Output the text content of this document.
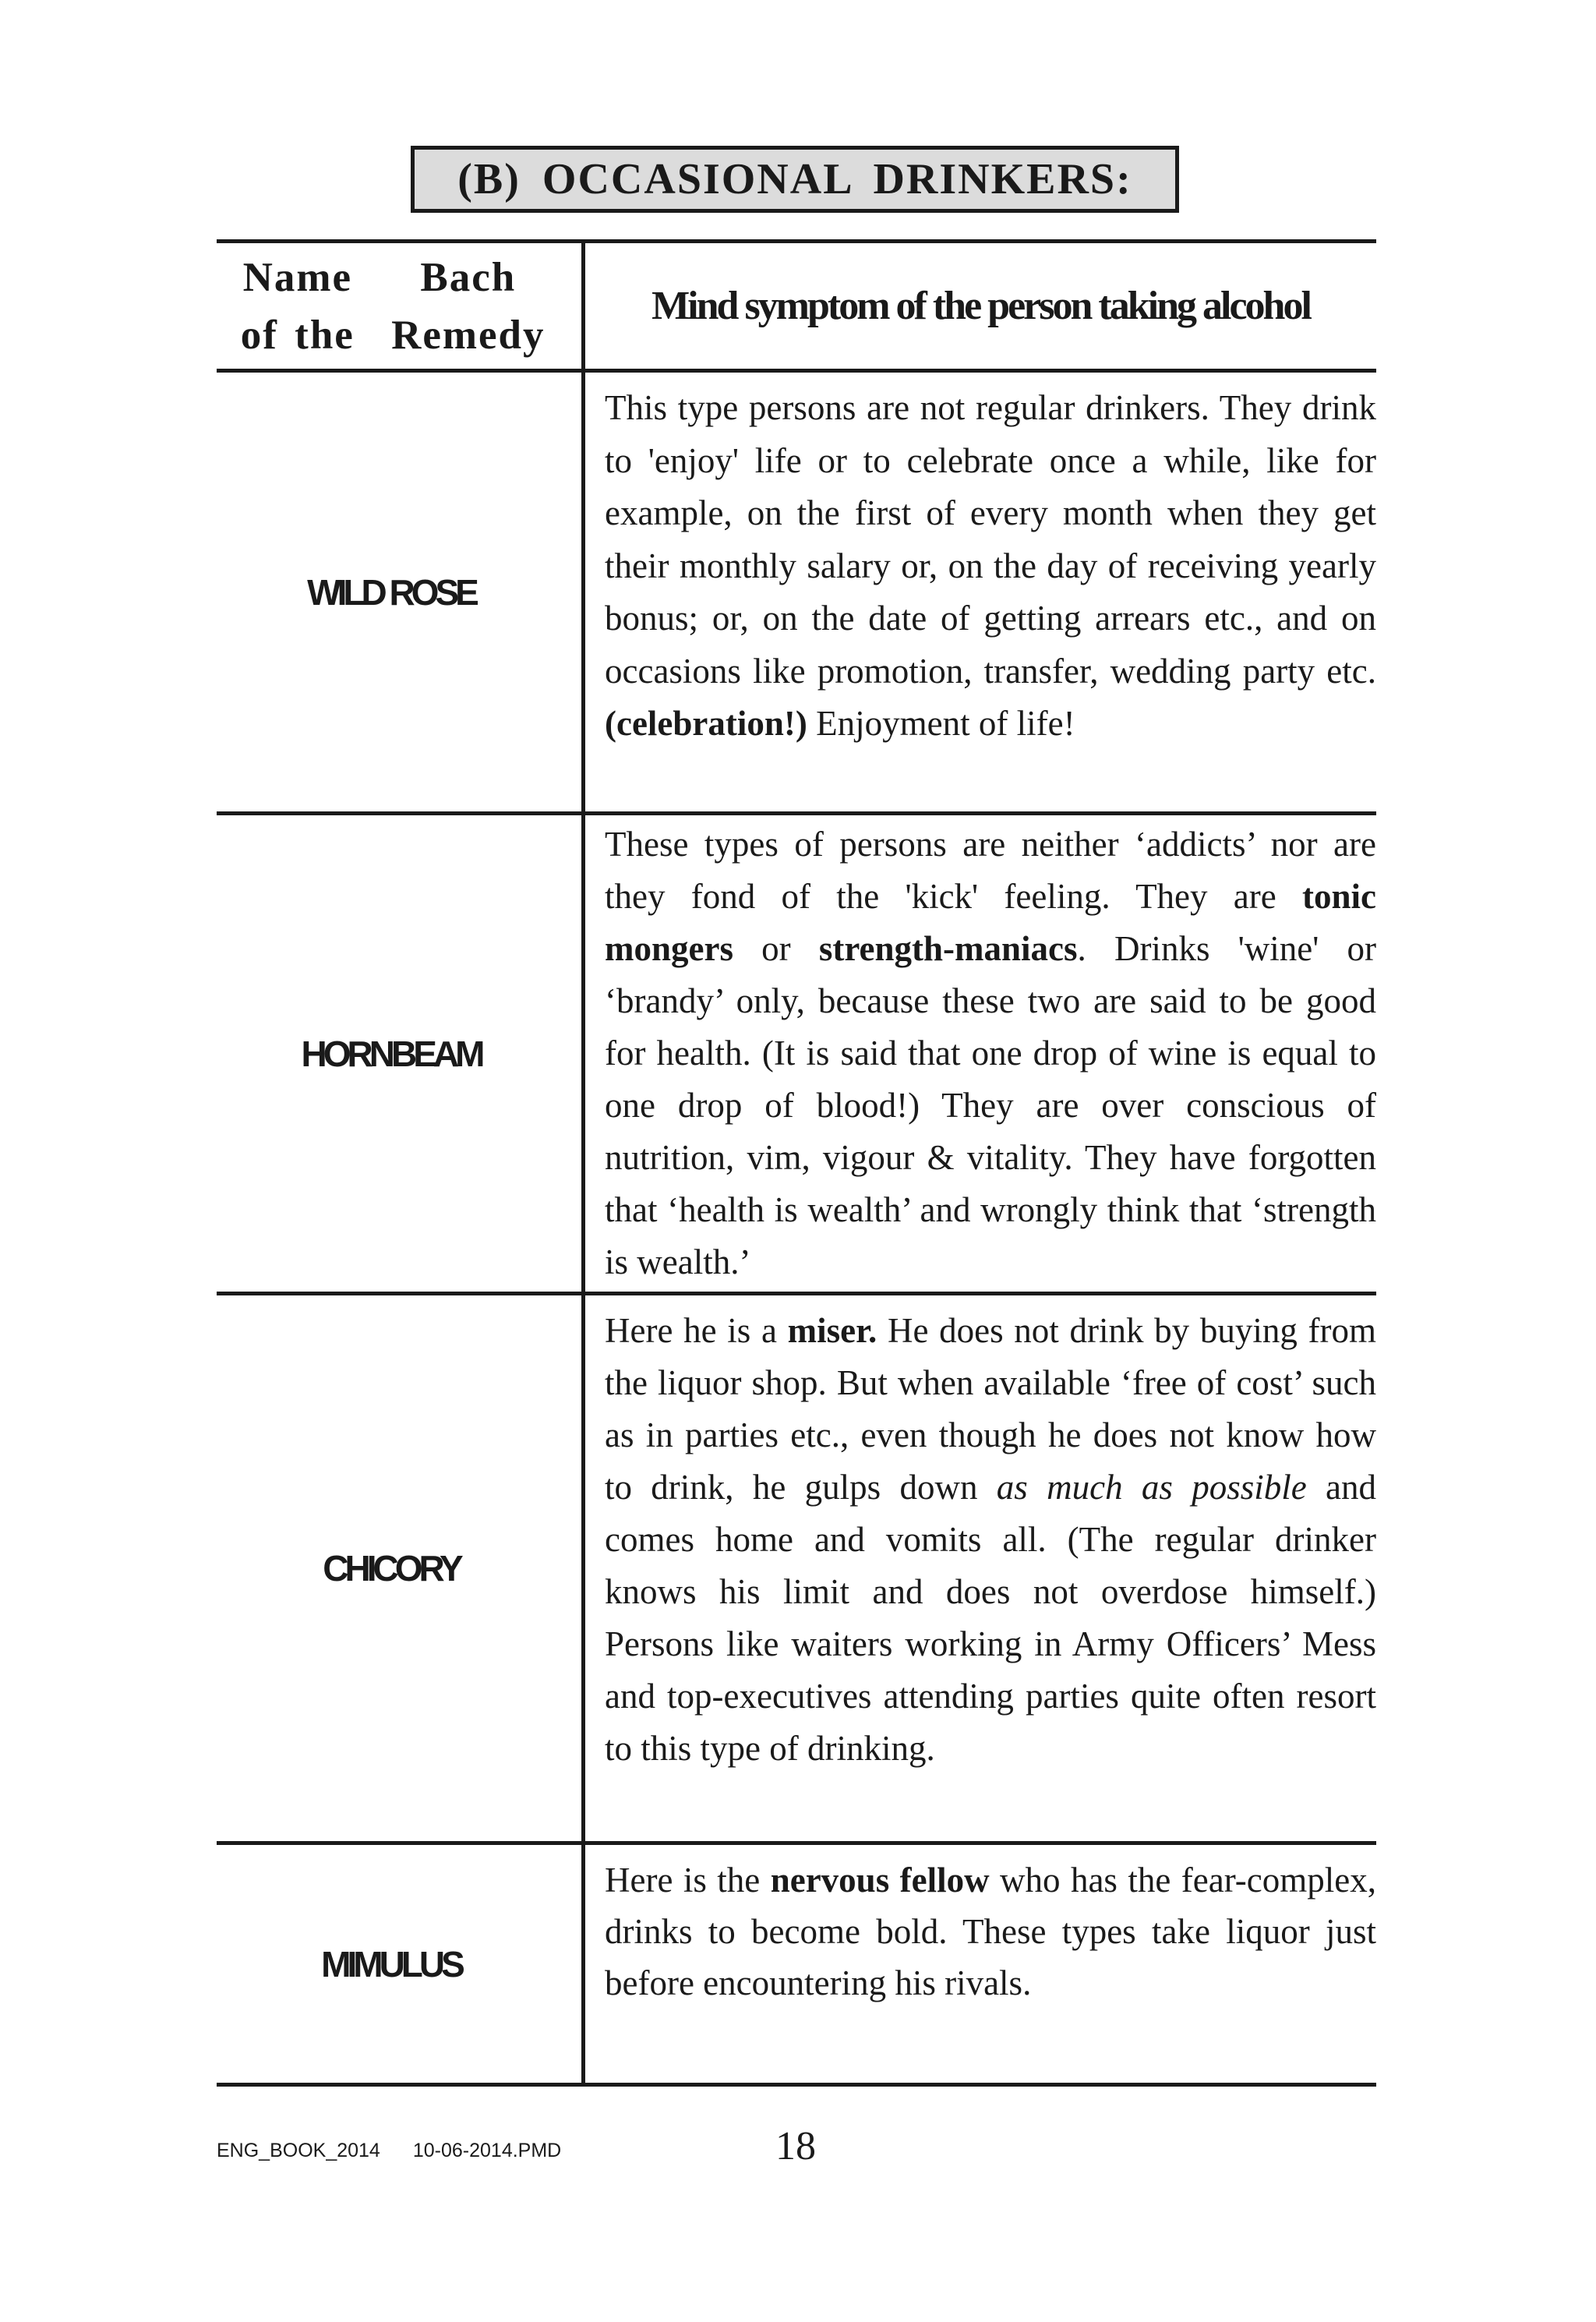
(B) OCCASIONAL DRINKERS:
Name of the
Bach Remedy
Mind symptom of the person taking alcohol
WILD ROSE
This type persons are not regular drinkers. They drink to 'enjoy' life or to celebrate once a while, like for example, on the first of every month when they get their monthly salary or, on the day of receiving yearly bonus; or, on the date of getting arrears etc., and on occasions like promotion, transfer, wedding party etc. (celebration!) Enjoyment of life!
HORNBEAM
These types of persons are neither ‘addicts’ nor are they fond of the 'kick' feeling. They are tonic mongers or strength-maniacs. Drinks 'wine' or ‘brandy’ only, because these two are said to be good for health. (It is said that one drop of wine is equal to one drop of blood!) They are over conscious of nutrition, vim, vigour & vitality. They have forgotten that ‘health is wealth’ and wrongly think that ‘strength is wealth.’
CHICORY
Here he is a miser. He does not drink by buying from the liquor shop. But when available ‘free of cost’ such as in parties etc., even though he does not know how to drink, he gulps down as much as possible and comes home and vomits all. (The regular drinker knows his limit and does not overdose himself.) Persons like waiters working in Army Officers’ Mess and top-executives attending parties quite often resort to this type of drinking.
MIMULUS
Here is the nervous fellow who has the fear-complex, drinks to become bold. These types take liquor just before encountering his rivals.
ENG_BOOK_2014 10-06-2014.PMD	18
